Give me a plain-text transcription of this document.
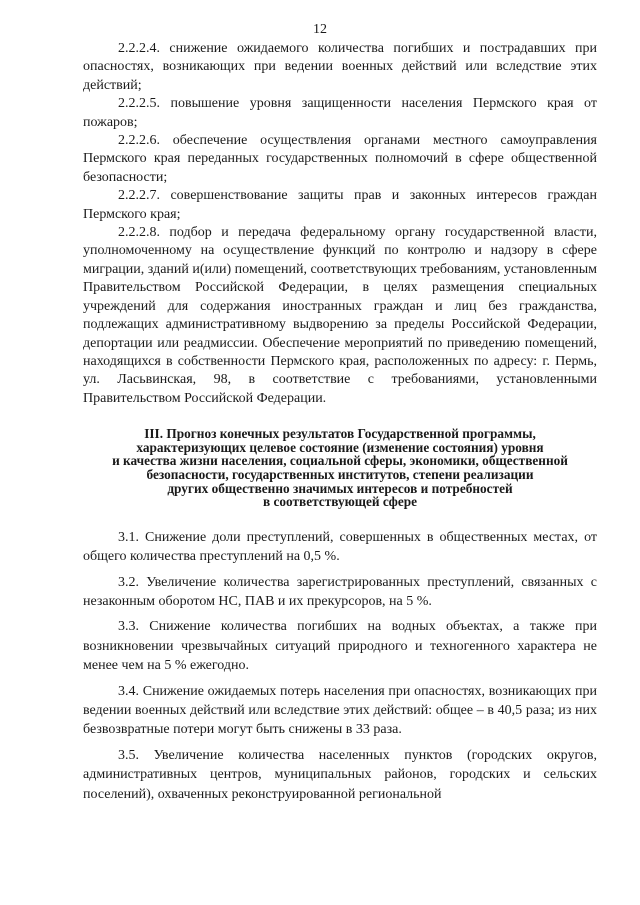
12

2.2.2.4. снижение ожидаемого количества погибших и пострадавших при опасностях, возникающих при ведении военных действий или вследствие этих действий;

2.2.2.5. повышение уровня защищенности населения Пермского края от пожаров;

2.2.2.6. обеспечение осуществления органами местного самоуправления Пермского края переданных государственных полномочий в сфере общественной безопасности;

2.2.2.7. совершенствование защиты прав и законных интересов граждан Пермского края;

2.2.2.8. подбор и передача федеральному органу государственной власти, уполномоченному на осуществление функций по контролю и надзору в сфере миграции, зданий и(или) помещений, соответствующих требованиям, установленным Правительством Российской Федерации, в целях размещения специальных учреждений для содержания иностранных граждан и лиц без гражданства, подлежащих административному выдворению за пределы Российской Федерации, депортации или реадмиссии. Обеспечение мероприятий по приведению помещений, находящихся в собственности Пермского края, расположенных по адресу: г. Пермь, ул. Ласьвинская, 98, в соответствие с требованиями, установленными Правительством Российской Федерации.

III. Прогноз конечных результатов Государственной программы,
характеризующих целевое состояние (изменение состояния) уровня
и качества жизни населения, социальной сферы, экономики, общественной
безопасности, государственных институтов, степени реализации
других общественно значимых интересов и потребностей
в соответствующей сфере

3.1. Снижение доли преступлений, совершенных в общественных местах, от общего количества преступлений на 0,5 %.

3.2. Увеличение количества зарегистрированных преступлений, связанных с незаконным оборотом НС, ПАВ и их прекурсоров, на 5 %.

3.3. Снижение количества погибших на водных объектах, а также при возникновении чрезвычайных ситуаций природного и техногенного характера не менее чем на 5 % ежегодно.

3.4. Снижение ожидаемых потерь населения при опасностях, возникающих при ведении военных действий или вследствие этих действий: общее – в 40,5 раза; из них безвозвратные потери могут быть снижены в 33 раза.

3.5. Увеличение количества населенных пунктов (городских округов, административных центров, муниципальных районов, городских и сельских поселений), охваченных реконструированной региональной
